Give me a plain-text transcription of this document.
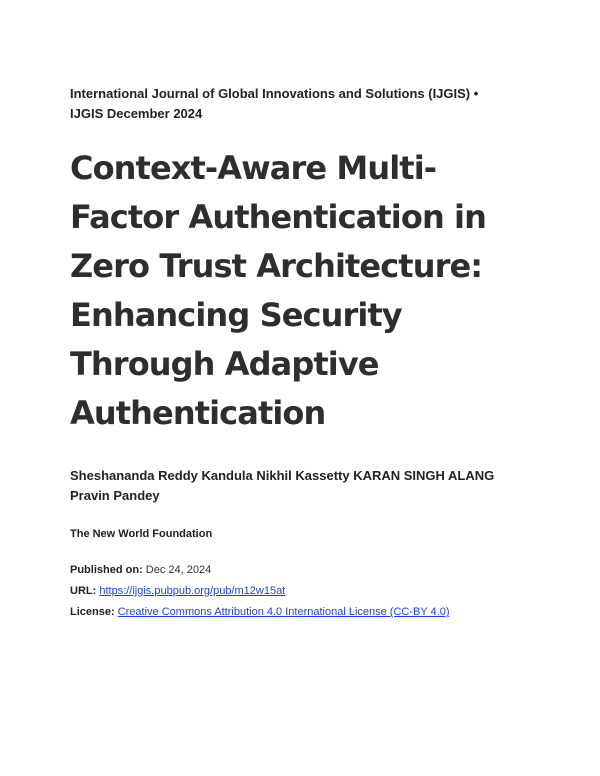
International Journal of Global Innovations and Solutions (IJGIS) •
IJGIS December 2024

Context-Aware Multi-
Factor Authentication in
Zero Trust Architecture:
Enhancing Security
Through Adaptive
Authentication

Sheshananda Reddy Kandula Nikhil Kassetty KARAN SINGH ALANG
Pravin Pandey

The New World Foundation

Published on: Dec 24, 2024
URL: https://ijgis.pubpub.org/pub/m12w15at
License: Creative Commons Attribution 4.0 International License (CC-BY 4.0)
